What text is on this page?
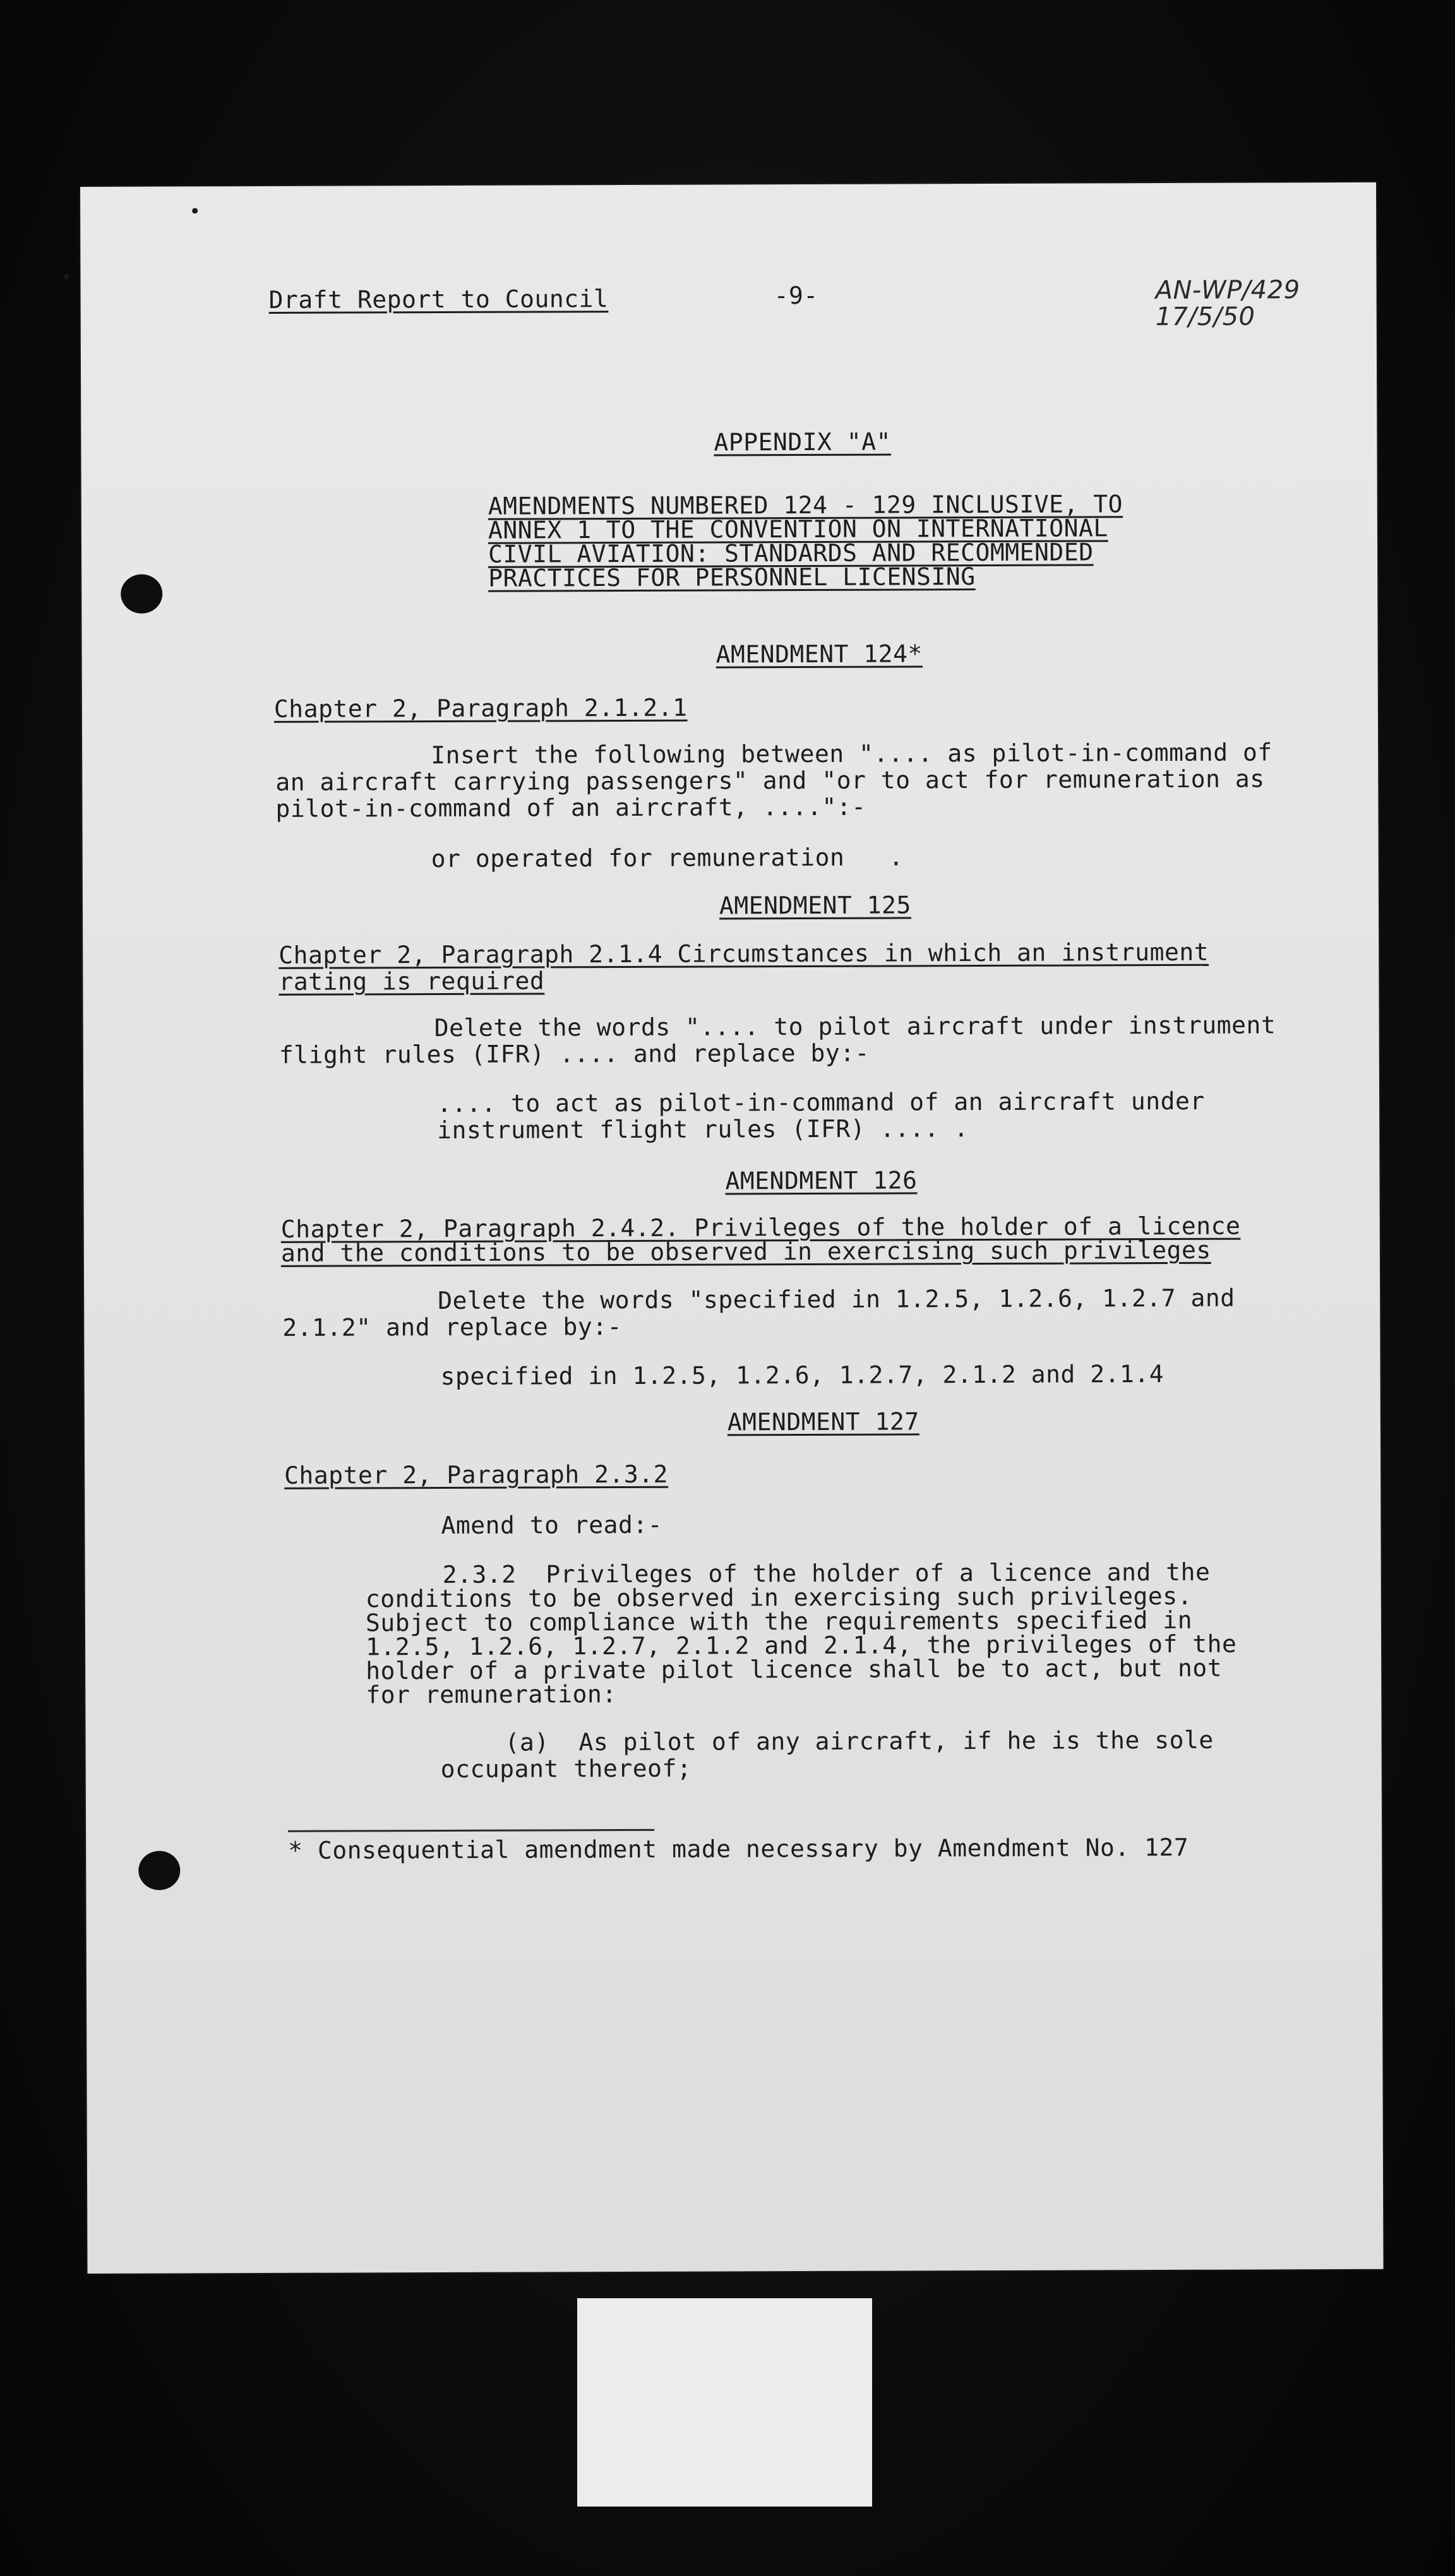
Draft Report to Council	-9-	AN-WP/429
17/5/50
APPENDIX "A"
AMENDMENTS NUMBERED 124 - 129 INCLUSIVE, TO
ANNEX 1 TO THE CONVENTION ON INTERNATIONAL
CIVIL AVIATION: STANDARDS AND RECOMMENDED
PRACTICES FOR PERSONNEL LICENSING
AMENDMENT 124*
Chapter 2, Paragraph 2.1.2.1
Insert the following between ".... as pilot-in-command of
an aircraft carrying passengers" and "or to act for remuneration as
pilot-in-command of an aircraft, ....":-
or operated for remuneration   .
AMENDMENT 125
Chapter 2, Paragraph 2.1.4 Circumstances in which an instrument
rating is required
Delete the words ".... to pilot aircraft under instrument
flight rules (IFR) .... and replace by:-
.... to act as pilot-in-command of an aircraft under
instrument flight rules (IFR) .... .
AMENDMENT 126
Chapter 2, Paragraph 2.4.2. Privileges of the holder of a licence
and the conditions to be observed in exercising such privileges
Delete the words "specified in 1.2.5, 1.2.6, 1.2.7 and
2.1.2" and replace by:-
specified in 1.2.5, 1.2.6, 1.2.7, 2.1.2 and 2.1.4
AMENDMENT 127
Chapter 2, Paragraph 2.3.2
Amend to read:-
2.3.2  Privileges of the holder of a licence and the
conditions to be observed in exercising such privileges.
Subject to compliance with the requirements specified in
1.2.5, 1.2.6, 1.2.7, 2.1.2 and 2.1.4, the privileges of the
holder of a private pilot licence shall be to act, but not
for remuneration:
(a)  As pilot of any aircraft, if he is the sole
occupant thereof;
* Consequential amendment made necessary by Amendment No. 127
